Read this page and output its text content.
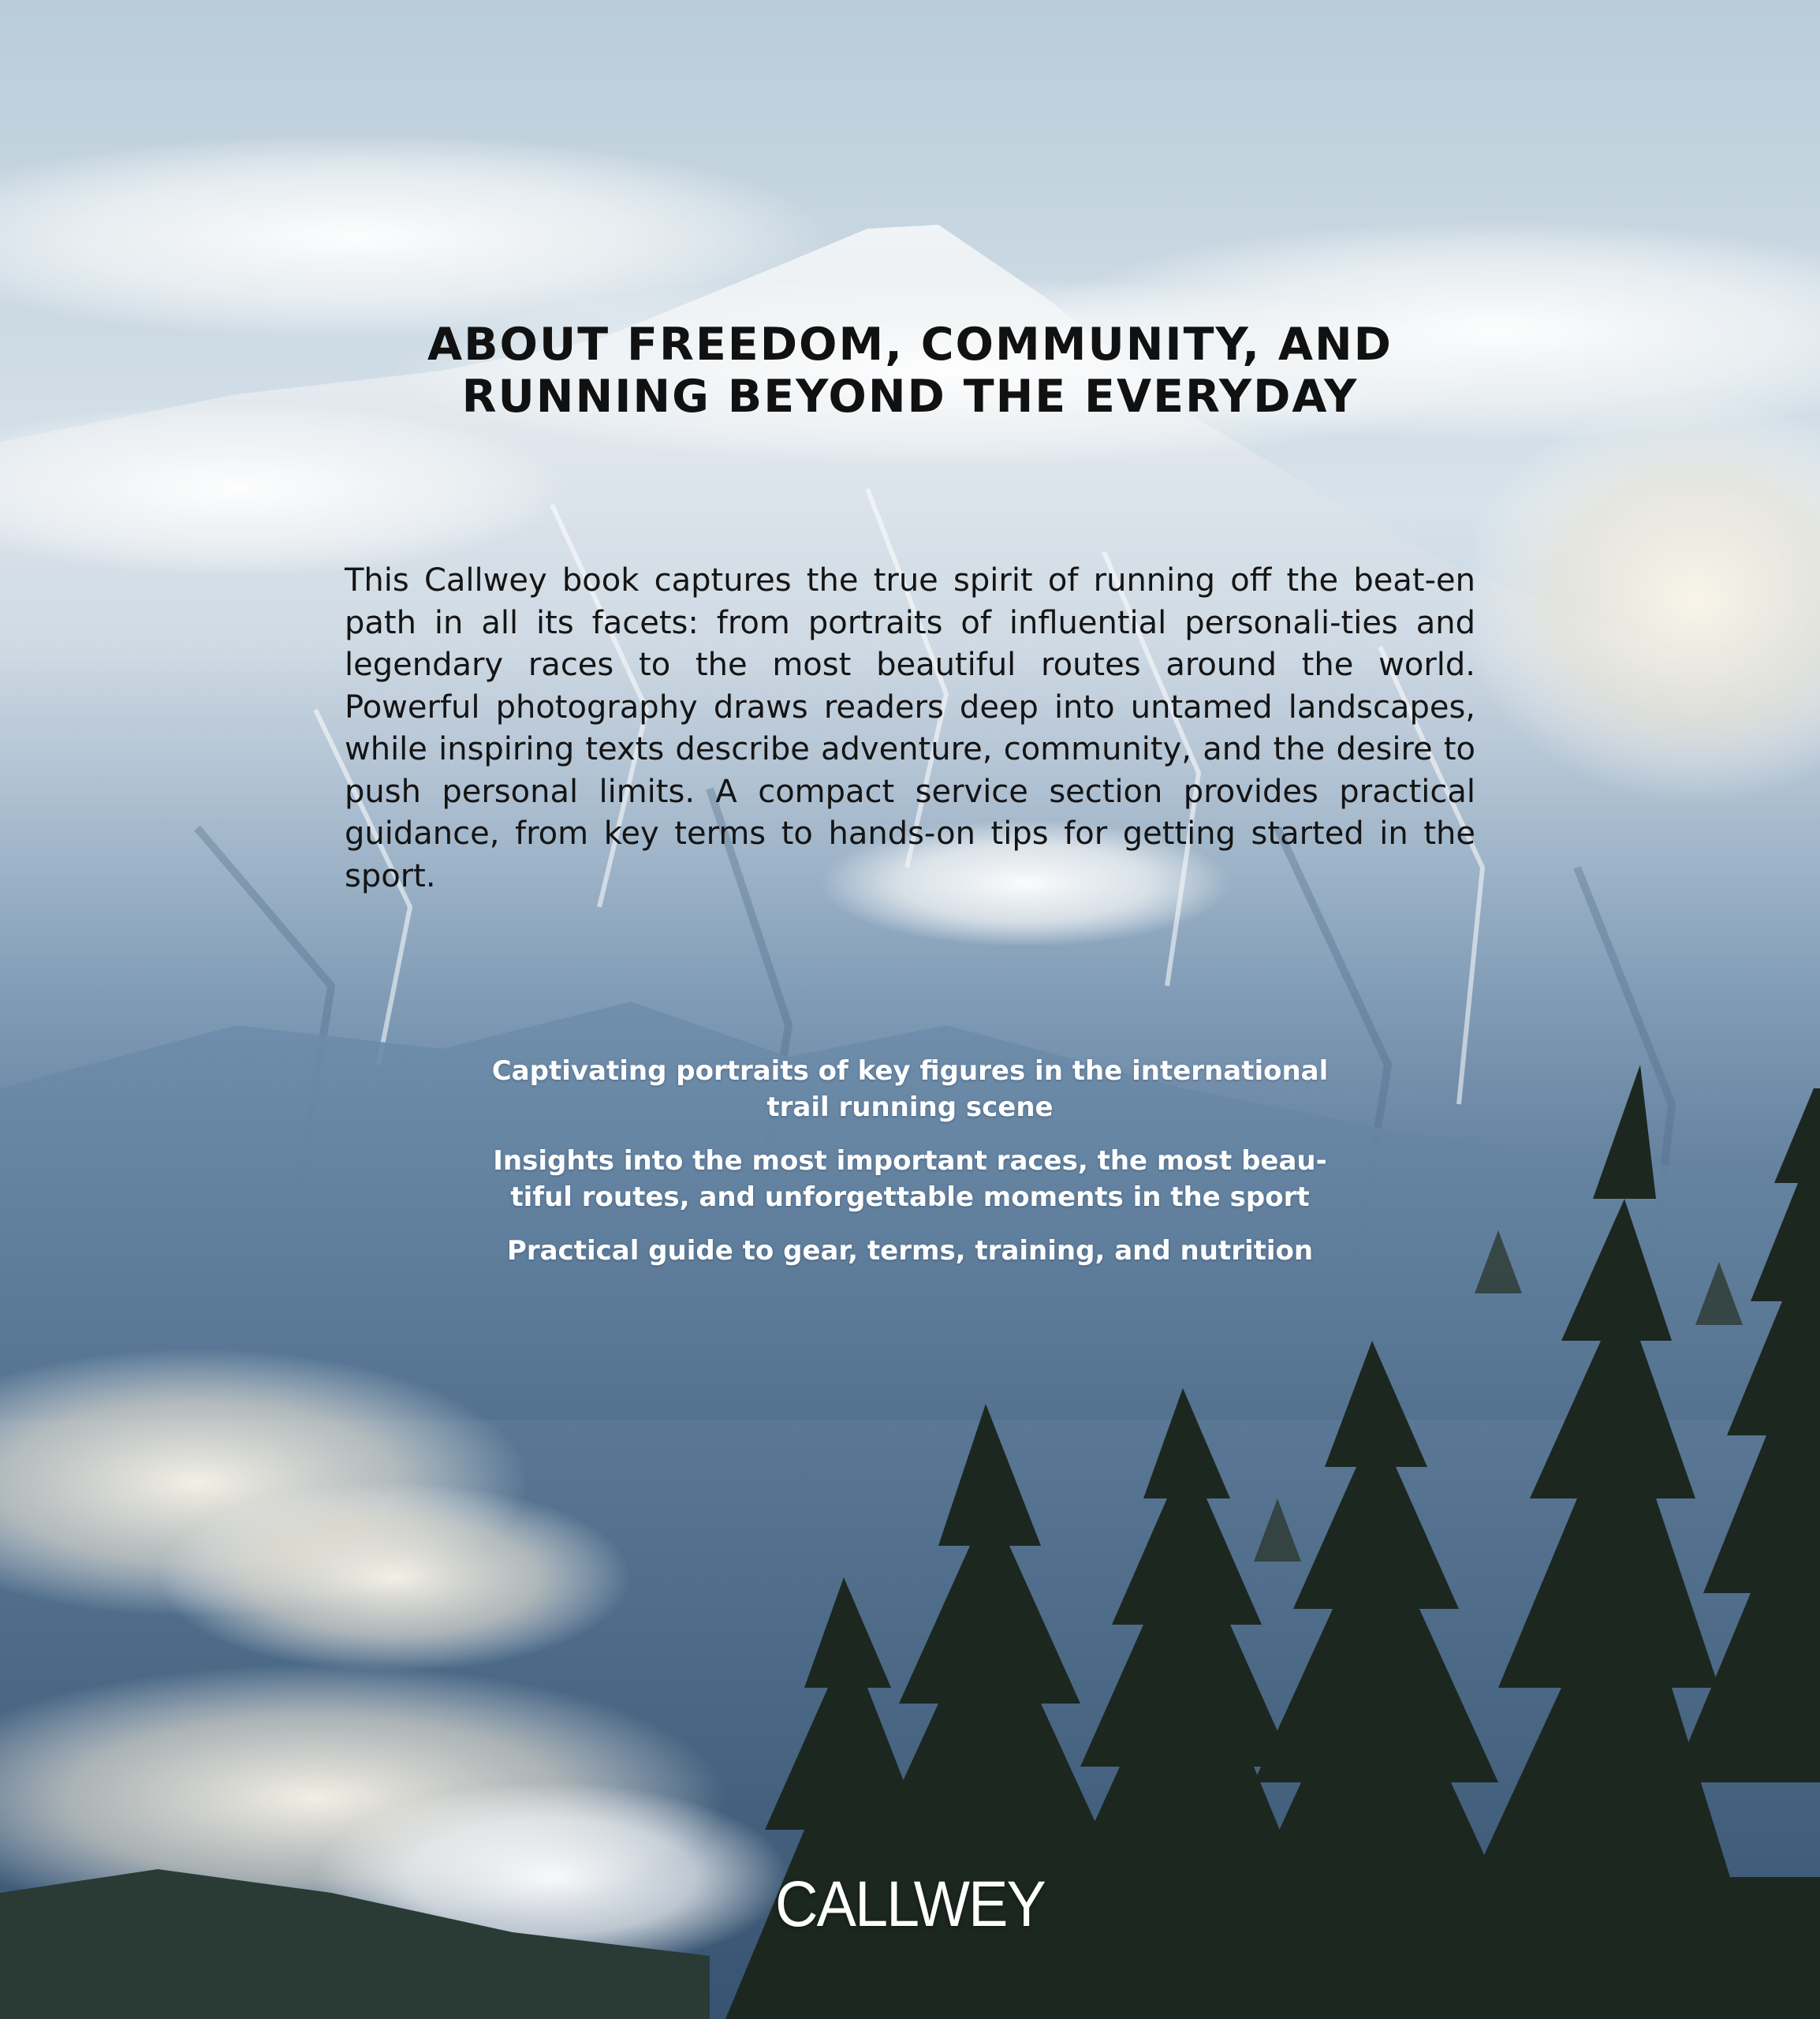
ABOUT FREEDOM, COMMUNITY, AND
RUNNING BEYOND THE EVERYDAY

This Callwey book captures the true spirit of running off the beat-en path in all its facets: from portraits of influential personali-ties and legendary races to the most beautiful routes around the world. Powerful photography draws readers deep into untamed landscapes, while inspiring texts describe adventure, community, and the desire to push personal limits. A compact service section provides practical guidance, from key terms to hands-on tips for getting started in the sport.

Captivating portraits of key figures in the international
trail running scene
Insights into the most important races, the most beau-
tiful routes, and unforgettable moments in the sport
Practical guide to gear, terms, training, and nutrition
CALLWEY
